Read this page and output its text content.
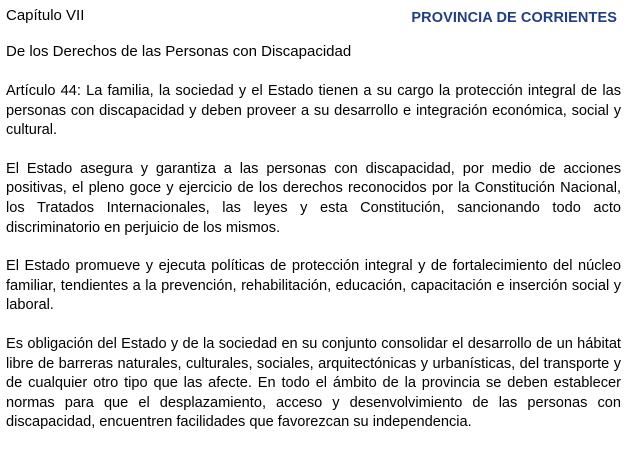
Capítulo VII	PROVINCIA DE CORRIENTES
De los Derechos de las Personas con Discapacidad

Artículo 44: La familia, la sociedad y el Estado tienen a su cargo la protección integral de las personas con discapacidad y deben proveer a su desarrollo e integración económica, social y cultural.

El Estado asegura y garantiza a las personas con discapacidad, por medio de acciones positivas, el pleno goce y ejercicio de los derechos reconocidos por la Constitución Nacional, los Tratados Internacionales, las leyes y esta Constitución, sancionando todo acto discriminatorio en perjuicio de los mismos.

El Estado promueve y ejecuta políticas de protección integral y de fortalecimiento del núcleo familiar, tendientes a la prevención, rehabilitación, educación, capacitación e inserción social y laboral.

Es obligación del Estado y de la sociedad en su conjunto consolidar el desarrollo de un hábitat libre de barreras naturales, culturales, sociales, arquitectónicas y urbanísticas, del transporte y de cualquier otro tipo que las afecte. En todo el ámbito de la provincia se deben establecer normas para que el desplazamiento, acceso y desenvolvimiento de las personas con discapacidad, encuentren facilidades que favorezcan su independencia.
